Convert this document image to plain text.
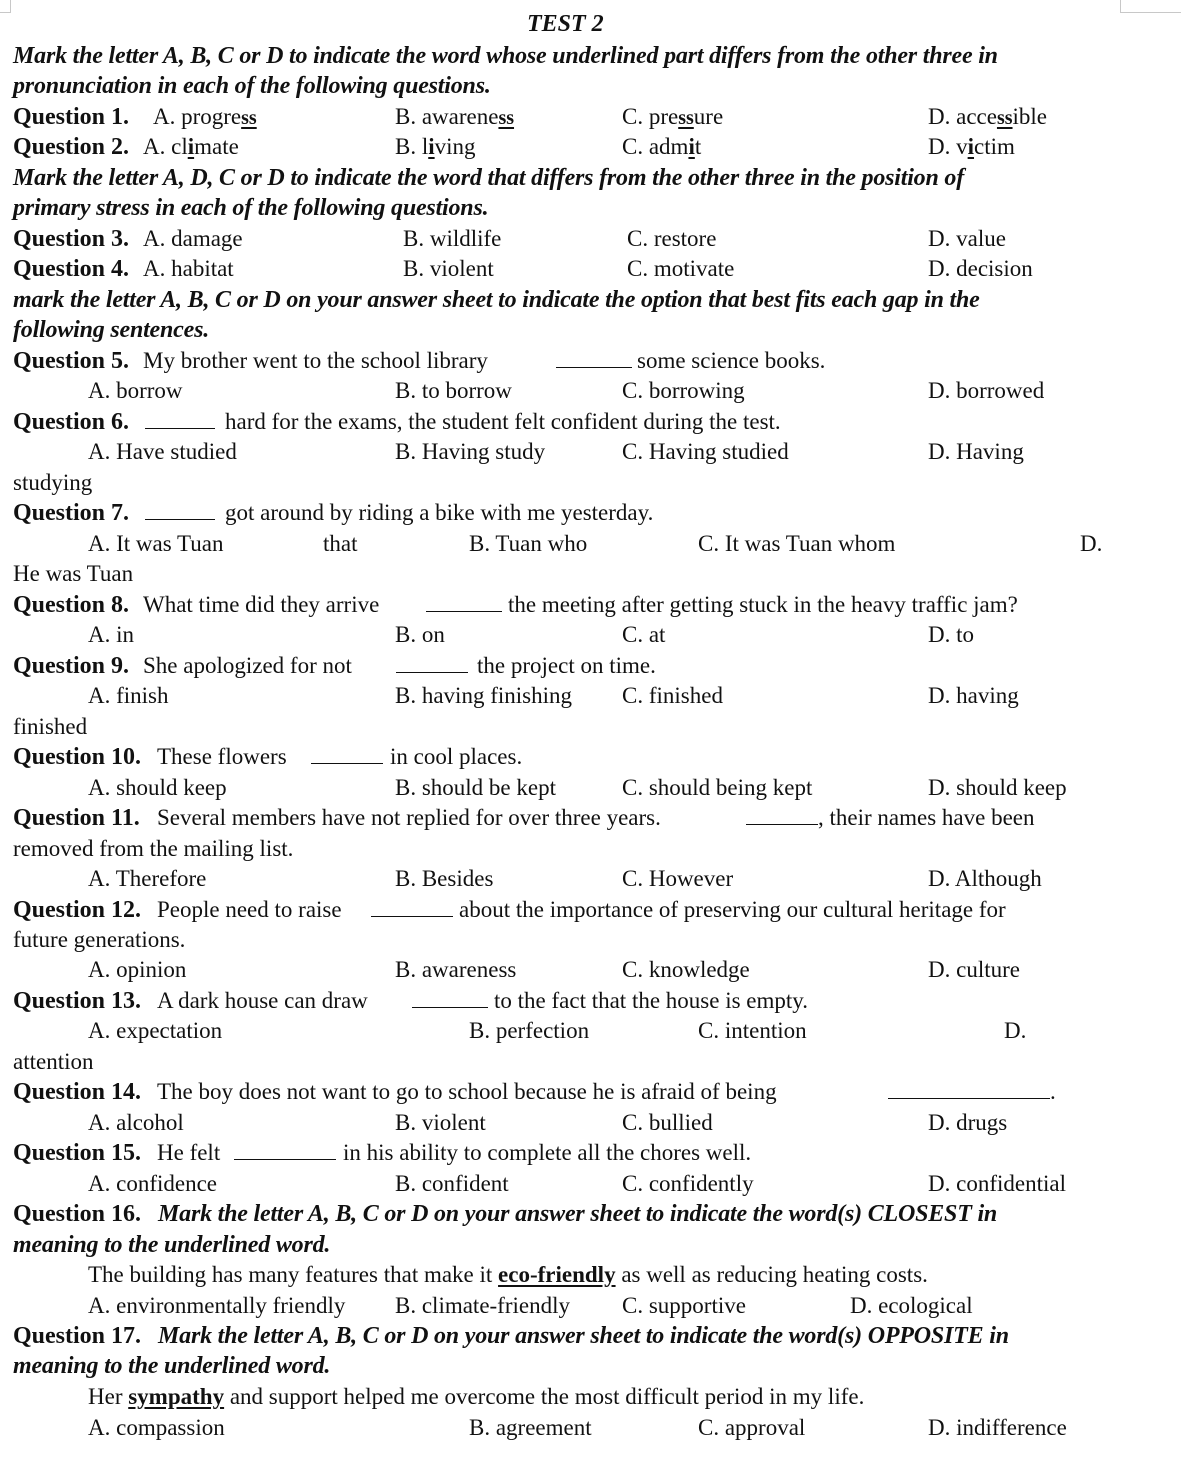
TEST 2
Mark the letter A, B, C or D to indicate the word whose underlined part differs from the other three in
pronunciation in each of the following questions.
Question 1. A. progress	B. awareness	C. pressure	D. accessible
Question 2. A. climate	B. living	C. admit	D. victim
Mark the letter A, D, C or D to indicate the word that differs from the other three in the position of
primary stress in each of the following questions.
Question 3. A. damage	B. wildlife	C. restore	D. value
Question 4. A. habitat	B. violent	C. motivate	D. decision
mark the letter A, B, C or D on your answer sheet to indicate the option that best fits each gap in the
following sentences.
Question 5. My brother went to the school library	some science books.
A. borrow	B. to borrow	C. borrowing	D. borrowed
Question 6.	hard for the exams, the student felt confident during the test.
A. Have studied	B. Having study	C. Having studied	D. Having
studying
Question 7.	got around by riding a bike with me yesterday.
A. It was Tuan	that	B. Tuan who	C. It was Tuan whom	D.
He was Tuan
Question 8. What time did they arrive	the meeting after getting stuck in the heavy traffic jam?
A. in	B. on	C. at	D. to
Question 9. She apologized for not	the project on time.
A. finish	B. having finishing C. finished	D. having
finished
Question 10. These flowers	in cool places.
A. should keep	B. should be kept	C. should being kept	D. should keep
Question 11. Several members have not replied for over three years.	, their names have been
removed from the mailing list.
A. Therefore	B. Besides	C. However	D. Although
Question 12. People need to raise	about the importance of preserving our cultural heritage for
future generations.
A. opinion	B. awareness	C. knowledge	D. culture
Question 13. A dark house can draw	to the fact that the house is empty.
A. expectation	B. perfection	C. intention	D.
attention
Question 14. The boy does not want to go to school because he is afraid of being	.
A. alcohol	B. violent	C. bullied	D. drugs
Question 15. He felt	in his ability to complete all the chores well.
A. confidence	B. confident	C. confidently	D. confidential
Question 16. Mark the letter A, B, C or D on your answer sheet to indicate the word(s) CLOSEST in
meaning to the underlined word.
The building has many features that make it eco-friendly as well as reducing heating costs.
A. environmentally friendly B. climate-friendly C. supportive	D. ecological
Question 17. Mark the letter A, B, C or D on your answer sheet to indicate the word(s) OPPOSITE in
meaning to the underlined word.
Her sympathy and support helped me overcome the most difficult period in my life.
A. compassion	B. agreement	C. approval	D. indifference
